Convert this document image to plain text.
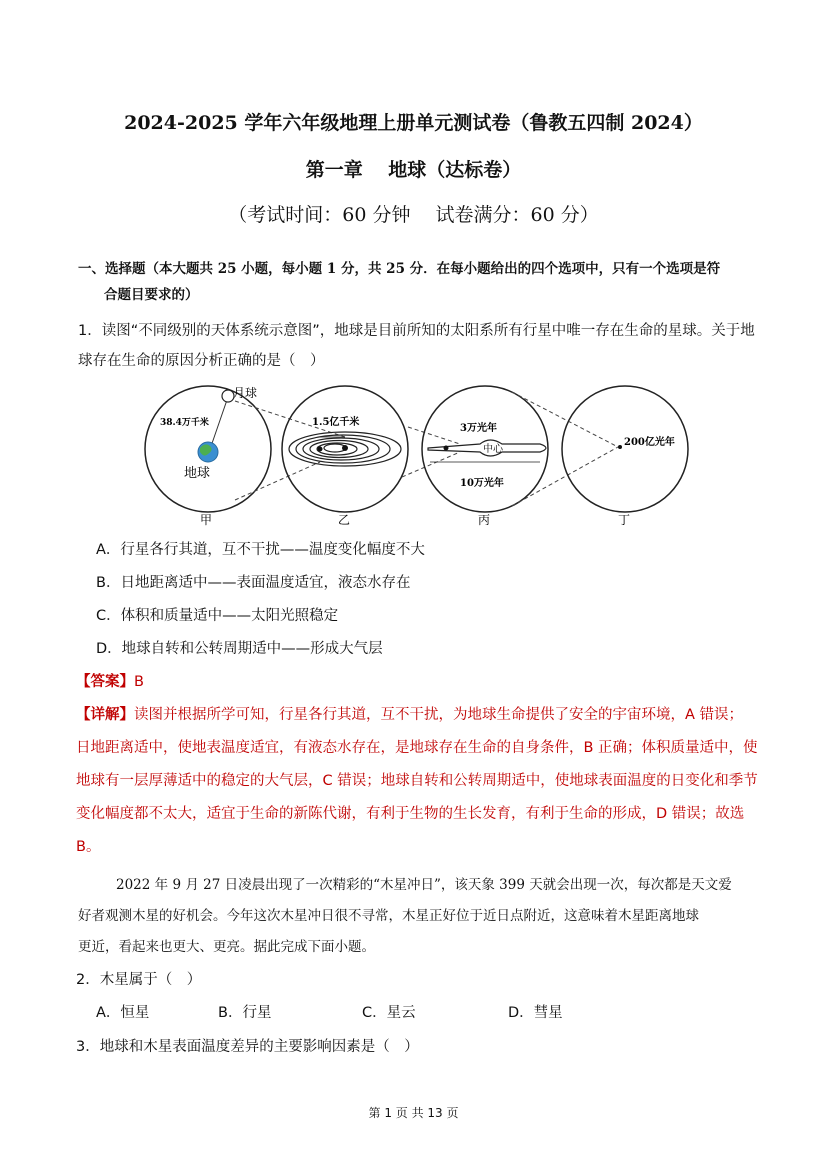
2024-2025 学年六年级地理上册单元测试卷（鲁教五四制 2024）
第一章　 地球（达标卷）
（考试时间：60 分钟　 试卷满分：60 分）
一、选择题（本大题共 25 小题，每小题 1 分，共 25 分．在每小题给出的四个选项中，只有一个选项是符
合题目要求的）
1．读图“不同级别的天体系统示意图”，地球是目前所知的太阳系所有行星中唯一存在生命的星球。关于地
球存在生命的原因分析正确的是（　）
月球
38.4万千米
地球
1.5亿千米
3万光年
中心
10万光年
200亿光年
甲	乙	丙	丁
A．行星各行其道，互不干扰——温度变化幅度不大
B．日地距离适中——表面温度适宜，液态水存在
C．体积和质量适中——太阳光照稳定
D．地球自转和公转周期适中——形成大气层
【答案】B
【详解】读图并根据所学可知，行星各行其道，互不干扰，为地球生命提供了安全的宇宙环境，A 错误；
日地距离适中，使地表温度适宜，有液态水存在，是地球存在生命的自身条件，B 正确；体积质量适中，使
地球有一层厚薄适中的稳定的大气层，C 错误；地球自转和公转周期适中，使地球表面温度的日变化和季节
变化幅度都不太大，适宜于生命的新陈代谢，有利于生物的生长发育，有利于生命的形成，D 错误；故选
B。
2022 年 9 月 27 日凌晨出现了一次精彩的“木星冲日”，该天象 399 天就会出现一次，每次都是天文爱
好者观测木星的好机会。今年这次木星冲日很不寻常，木星正好位于近日点附近，这意味着木星距离地球
更近，看起来也更大、更亮。据此完成下面小题。
2．木星属于（　）
A．恒星	B．行星	C．星云	D．彗星
3．地球和木星表面温度差异的主要影响因素是（　）
第 1 页 共 13 页
